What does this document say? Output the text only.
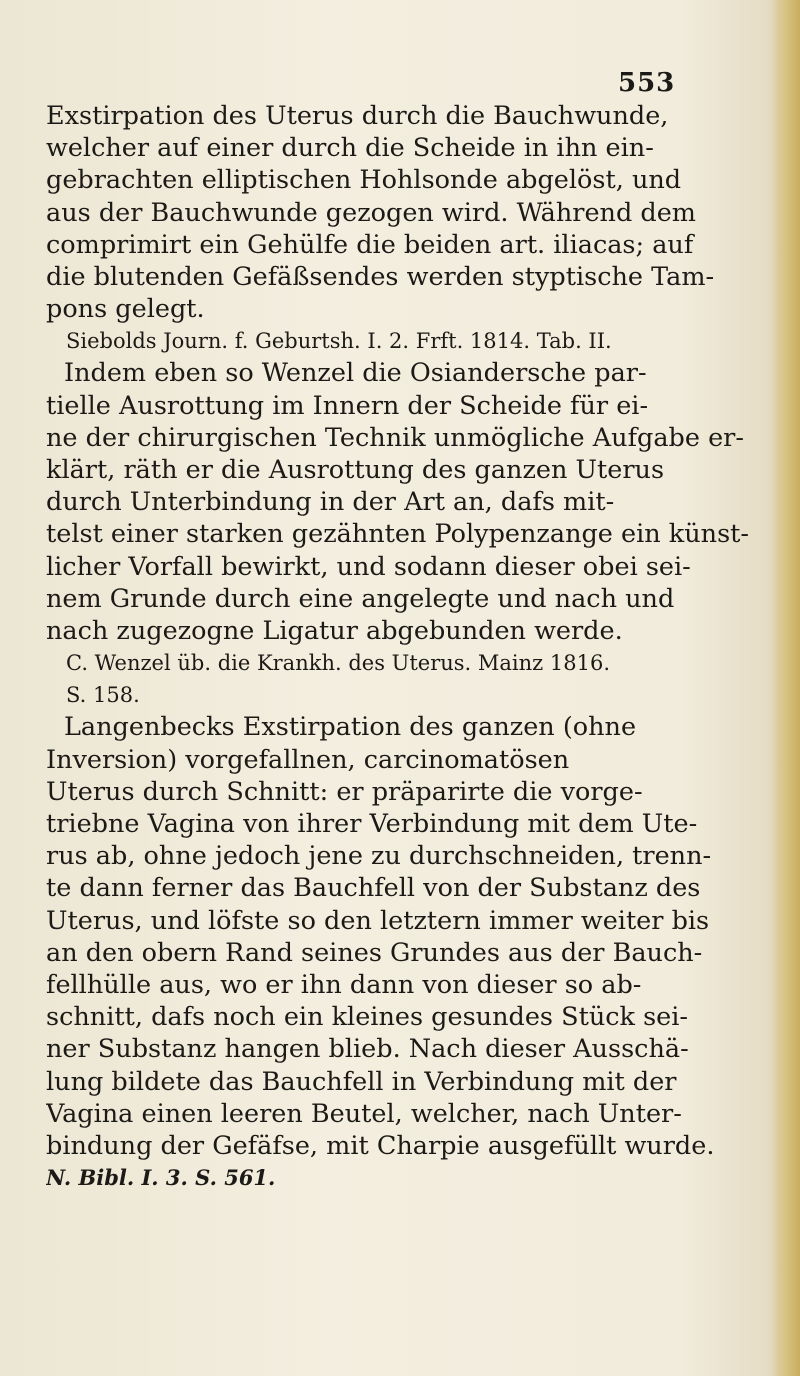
553
Exstirpation des Uterus durch die Bauchwunde,
welcher auf einer durch die Scheide in ihn ein-
gebrachten elliptischen Hohlsonde abgelöst, und
aus der Bauchwunde gezogen wird. Während dem
comprimirt ein Gehülfe die beiden art. iliacas; auf
die blutenden Gefäßsendes werden styptische Tam-
pons gelegt.
Siebolds Journ. f. Geburtsh. I. 2. Frft. 1814. Tab. II.
Indem eben so Wenzel die Osiandersche par-
tielle Ausrottung im Innern der Scheide für ei-
ne der chirurgischen Technik unmögliche Aufgabe er-
klärt, räth er die Ausrottung des ganzen Uterus
durch Unterbindung in der Art an, dafs mit-
telst einer starken gezähnten Polypenzange ein künst-
licher Vorfall bewirkt, und sodann dieser obei sei-
nem Grunde durch eine angelegte und nach und
nach zugezogne Ligatur abgebunden werde.
C. Wenzel üb. die Krankh. des Uterus. Mainz 1816.
S. 158.
Langenbecks Exstirpation des ganzen (ohne
Inversion) vorgefallnen, carcinomatösen
Uterus durch Schnitt: er präparirte die vorge-
triebne Vagina von ihrer Verbindung mit dem Ute-
rus ab, ohne jedoch jene zu durchschneiden, trenn-
te dann ferner das Bauchfell von der Substanz des
Uterus, und löfste so den letztern immer weiter bis
an den obern Rand seines Grundes aus der Bauch-
fellhülle aus, wo er ihn dann von dieser so ab-
schnitt, dafs noch ein kleines gesundes Stück sei-
ner Substanz hangen blieb. Nach dieser Ausschä-
lung bildete das Bauchfell in Verbindung mit der
Vagina einen leeren Beutel, welcher, nach Unter-
bindung der Gefäfse, mit Charpie ausgefüllt wurde.
N. Bibl. I. 3. S. 561.
